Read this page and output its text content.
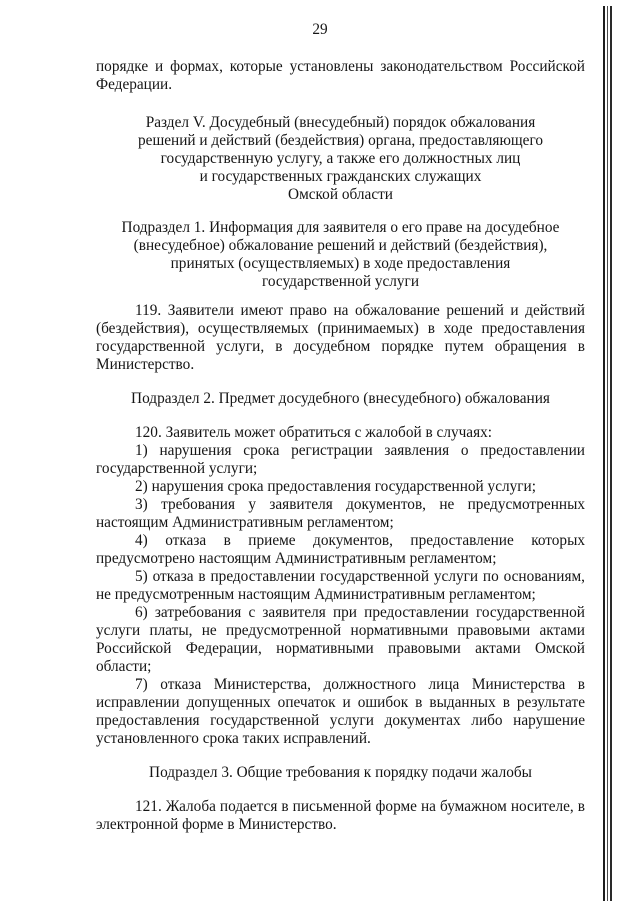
29
порядке и формах, которые установлены законодательством Российской
Федерации.
Раздел V. Досудебный (внесудебный) порядок обжалования
решений и действий (бездействия) органа, предоставляющего
государственную услугу, а также его должностных лиц
и государственных гражданских служащих
Омской области
Подраздел 1. Информация для заявителя о его праве на досудебное
(внесудебное) обжалование решений и действий (бездействия),
принятых (осуществляемых) в ходе предоставления
государственной услуги
119. Заявители имеют право на обжалование решений и действий
(бездействия), осуществляемых (принимаемых) в ходе предоставления
государственной услуги, в досудебном порядке путем обращения в
Министерство.
Подраздел 2. Предмет досудебного (внесудебного) обжалования
120. Заявитель может обратиться с жалобой в случаях:
1) нарушения срока регистрации заявления о предоставлении
государственной услуги;
2) нарушения срока предоставления государственной услуги;
3) требования у заявителя документов, не предусмотренных
настоящим Административным регламентом;
4) отказа в приеме документов, предоставление которых
предусмотрено настоящим Административным регламентом;
5) отказа в предоставлении государственной услуги по основаниям,
не предусмотренным настоящим Административным регламентом;
6) затребования с заявителя при предоставлении государственной
услуги платы, не предусмотренной нормативными правовыми актами
Российской Федерации, нормативными правовыми актами Омской
области;
7) отказа Министерства, должностного лица Министерства в
исправлении допущенных опечаток и ошибок в выданных в результате
предоставления государственной услуги документах либо нарушение
установленного срока таких исправлений.
Подраздел 3. Общие требования к порядку подачи жалобы
121. Жалоба подается в письменной форме на бумажном носителе, в
электронной форме в Министерство.
